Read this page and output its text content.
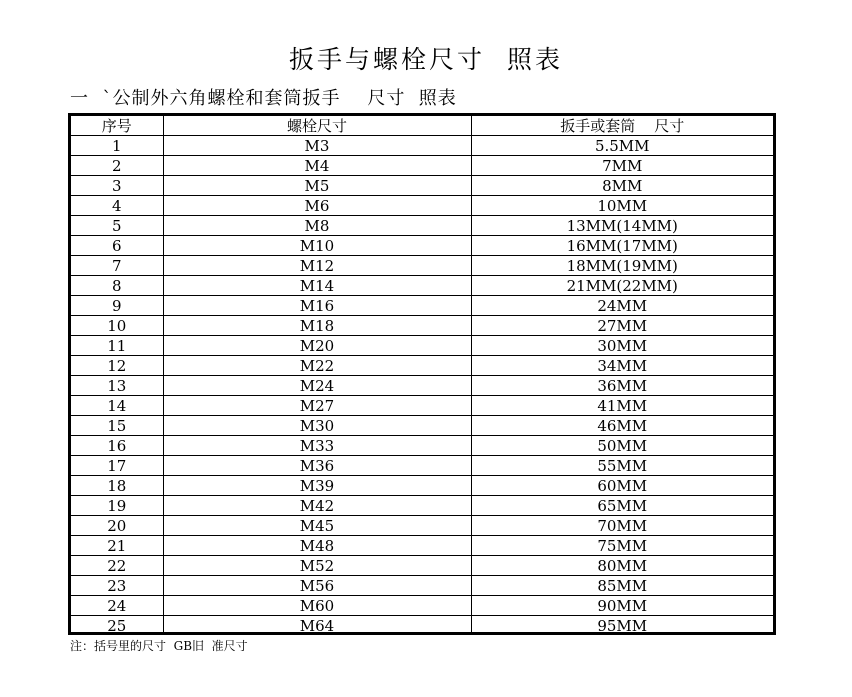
扳手与螺栓尺寸  照表
一  `公制外六角螺栓和套筒扳手    尺寸  照表
序号	螺栓尺寸	扳手或套筒    尺寸
1	M3	5.5MM
2	M4	7MM
3	M5	8MM
4	M6	10MM
5	M8	13MM(14MM)
6	M10	16MM(17MM)
7	M12	18MM(19MM)
8	M14	21MM(22MM)
9	M16	24MM
10	M18	27MM
11	M20	30MM
12	M22	34MM
13	M24	36MM
14	M27	41MM
15	M30	46MM
16	M33	50MM
17	M36	55MM
18	M39	60MM
19	M42	65MM
20	M45	70MM
21	M48	75MM
22	M52	80MM
23	M56	85MM
24	M60	90MM
25	M64	95MM
注：括号里的尺寸  GB旧  准尺寸
